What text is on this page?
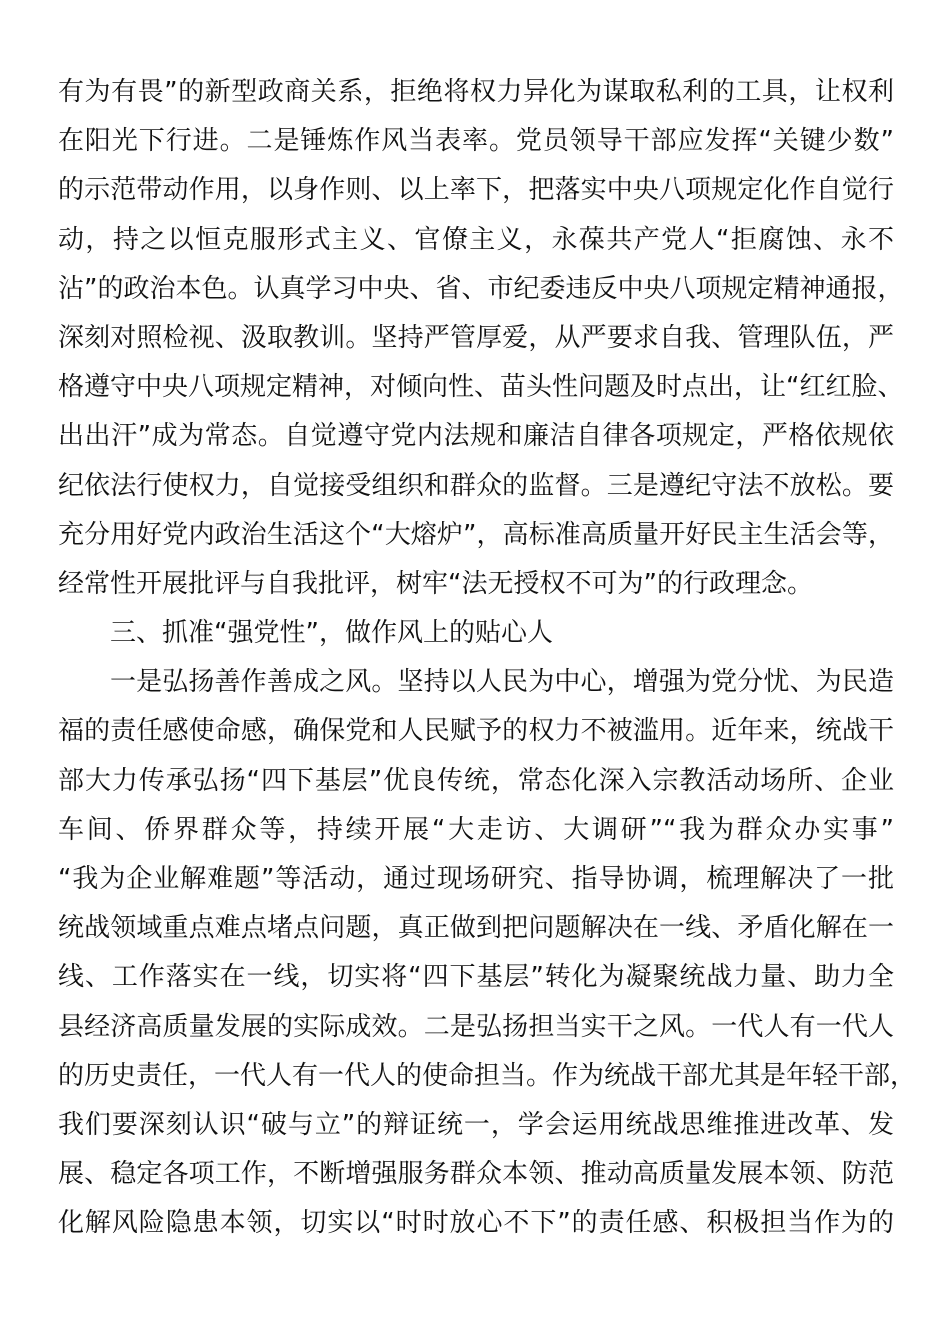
有为有畏”的新型政商关系，拒绝将权力异化为谋取私利的工具，让权利
在阳光下行进。二是锤炼作风当表率。党员领导干部应发挥“关键少数”
的示范带动作用，以身作则、以上率下，把落实中央八项规定化作自觉行
动，持之以恒克服形式主义、官僚主义，永葆共产党人“拒腐蚀、永不
沾”的政治本色。认真学习中央、省、市纪委违反中央八项规定精神通报，
深刻对照检视、汲取教训。坚持严管厚爱，从严要求自我、管理队伍，严
格遵守中央八项规定精神，对倾向性、苗头性问题及时点出，让“红红脸、
出出汗”成为常态。自觉遵守党内法规和廉洁自律各项规定，严格依规依
纪依法行使权力，自觉接受组织和群众的监督。三是遵纪守法不放松。要
充分用好党内政治生活这个“大熔炉”，高标准高质量开好民主生活会等，
经常性开展批评与自我批评，树牢“法无授权不可为”的行政理念。
三、抓准“强党性”，做作风上的贴心人
一是弘扬善作善成之风。坚持以人民为中心，增强为党分忧、为民造
福的责任感使命感，确保党和人民赋予的权力不被滥用。近年来，统战干
部大力传承弘扬“四下基层”优良传统，常态化深入宗教活动场所、企业
车间、侨界群众等，持续开展“大走访、大调研”“我为群众办实事”
“我为企业解难题”等活动，通过现场研究、指导协调，梳理解决了一批
统战领域重点难点堵点问题，真正做到把问题解决在一线、矛盾化解在一
线、工作落实在一线，切实将“四下基层”转化为凝聚统战力量、助力全
县经济高质量发展的实际成效。二是弘扬担当实干之风。一代人有一代人
的历史责任，一代人有一代人的使命担当。作为统战干部尤其是年轻干部，
我们要深刻认识“破与立”的辩证统一，学会运用统战思维推进改革、发
展、稳定各项工作，不断增强服务群众本领、推动高质量发展本领、防范
化解风险隐患本领，切实以“时时放心不下”的责任感、积极担当作为的
